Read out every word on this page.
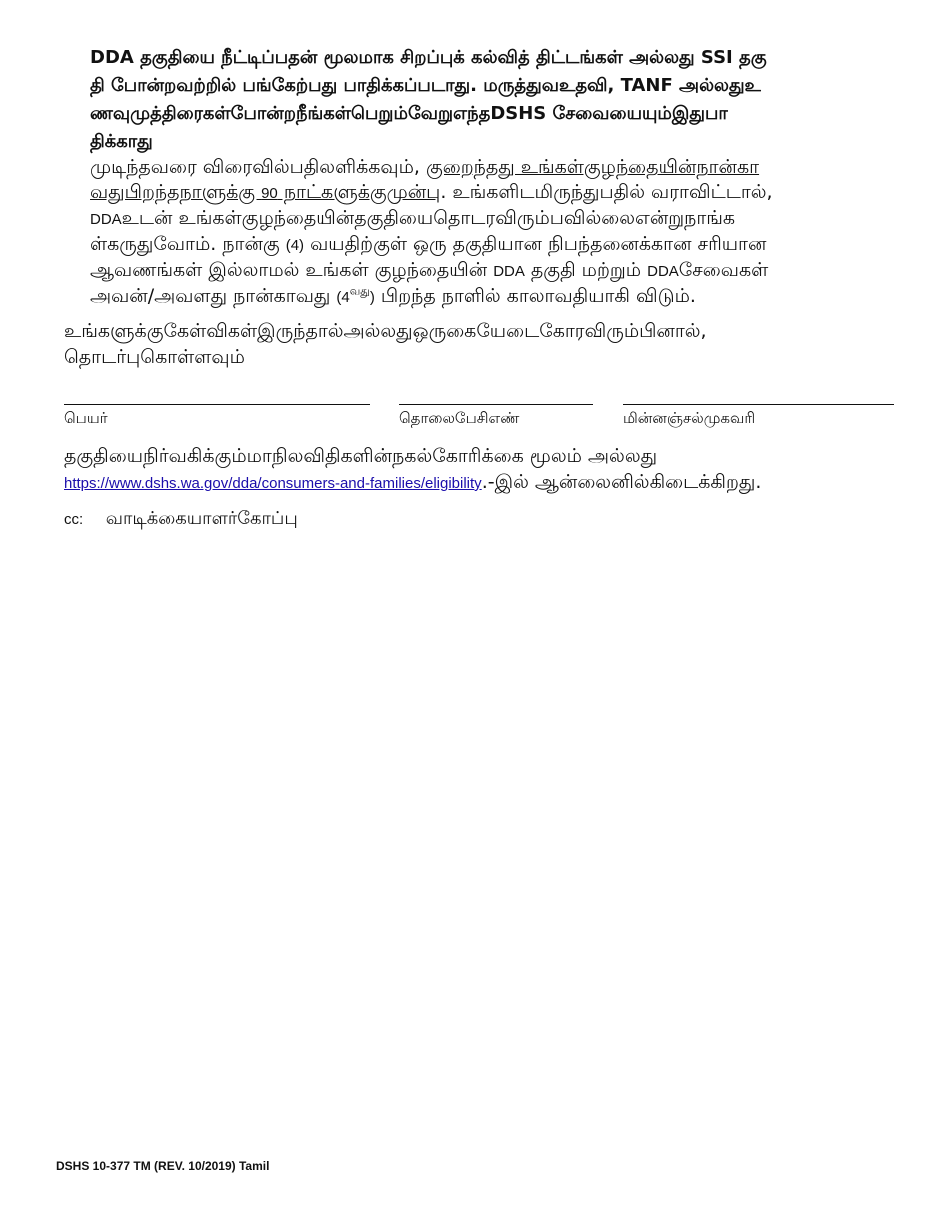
DDA தகுதியை நீட்டிப்பதன் மூலமாக சிறப்புக் கல்வித் திட்டங்கள் அல்லது SSI தகு
தி போன்றவற்றில் பங்கேற்பது பாதிக்கப்படாது. மருத்துவஉதவி, TANF அல்லதுஉ
ணவுமுத்திரைகள்போன்றநீங்கள்பெறும்வேறுஎந்தDSHS சேவையையும்இதுபா
திக்காது
முடிந்தவரை விரைவில்பதிலளிக்கவும், குறைந்தது உங்கள்குழந்தையின்நான்கா
வதுபிறந்தநாளுக்கு 90 நாட்களுக்குமுன்பு. உங்களிடமிருந்துபதில் வராவிட்டால்,
DDAஉடன் உங்கள்குழந்தையின்தகுதியைதொடரவிரும்பவில்லைஎன்றுநாங்க
ள்கருதுவோம். நான்கு (4) வயதிற்குள் ஒரு தகுதியான நிபந்தனைக்கான சரியான
ஆவணங்கள் இல்லாமல் உங்கள் குழந்தையின் DDA தகுதி மற்றும் DDAசேவைகள்
அவன்/அவளது நான்காவது $(4^{வது})$ பிறந்த நாளில் காலாவதியாகி விடும்.
உங்களுக்குகேள்விகள்இருந்தால்அல்லதுஒருகையேடைகோரவிரும்பினால்,
தொடர்புகொள்ளவும்
பெயர்	தொலைபேசிஎண்	மின்னஞ்சல்முகவரி
தகுதியைநிர்வகிக்கும்மாநிலவிதிகளின்நகல்கோரிக்கை மூலம் அல்லது
https://www.dshs.wa.gov/dda/consumers-and-families/eligibility.-இல் ஆன்லைனில்கிடைக்கிறது.
cc: வாடிக்கையாளர்கோப்பு
DSHS 10-377 TM (REV. 10/2019) Tamil
